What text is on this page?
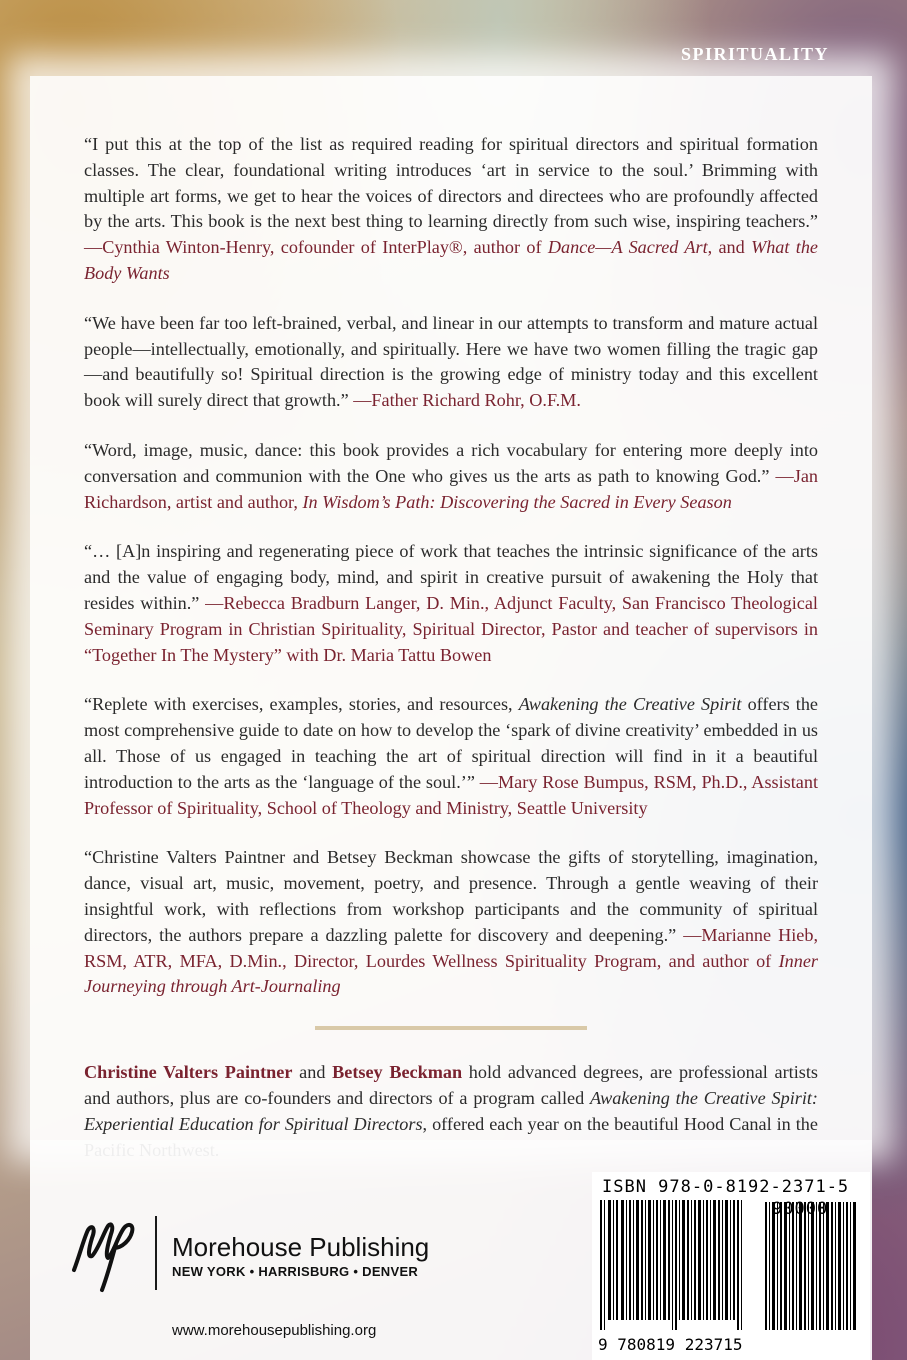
SPIRITUALITY

“I put this at the top of the list as required reading for spiritual directors and spiritual formation classes. The clear, foundational writing introduces ‘art in service to the soul.’ Brimming with multiple art forms, we get to hear the voices of directors and directees who are profoundly affected by the arts. This book is the next best thing to learning directly from such wise, inspiring teachers.” —Cynthia Winton-Henry, cofounder of InterPlay®, author of Dance—A Sacred Art, and What the Body Wants

“We have been far too left-brained, verbal, and linear in our attempts to transform and mature actual people—intellectually, emotionally, and spiritually. Here we have two women filling the tragic gap—and beautifully so! Spiritual direction is the growing edge of ministry today and this excellent book will surely direct that growth.” —Father Richard Rohr, O.F.M.

“Word, image, music, dance: this book provides a rich vocabulary for entering more deeply into conversation and communion with the One who gives us the arts as path to knowing God.” —Jan Richardson, artist and author, In Wisdom’s Path: Discovering the Sacred in Every Season

“… [A]n inspiring and regenerating piece of work that teaches the intrinsic significance of the arts and the value of engaging body, mind, and spirit in creative pursuit of awakening the Holy that resides within.” —Rebecca Bradburn Langer, D. Min., Adjunct Faculty, San Francisco Theological Seminary Program in Christian Spirituality, Spiritual Director, Pastor and teacher of supervisors in “Together In The Mystery” with Dr. Maria Tattu Bowen

“Replete with exercises, examples, stories, and resources, Awakening the Creative Spirit offers the most comprehensive guide to date on how to develop the ‘spark of divine creativity’ embedded in us all. Those of us engaged in teaching the art of spiritual direction will find in it a beautiful introduction to the arts as the ‘language of the soul.’” —Mary Rose Bumpus, RSM, Ph.D., Assistant Professor of Spirituality, School of Theology and Ministry, Seattle University

“Christine Valters Paintner and Betsey Beckman showcase the gifts of storytelling, imagination, dance, visual art, music, movement, poetry, and presence. Through a gentle weaving of their insightful work, with reflections from workshop participants and the community of spiritual directors, the authors prepare a dazzling palette for discovery and deepening.” —Marianne Hieb, RSM, ATR, MFA, D.Min., Director, Lourdes Wellness Spirituality Program, and author of Inner Journeying through Art-Journaling

Christine Valters Paintner and Betsey Beckman hold advanced degrees, are professional artists and authors, plus are co-founders and directors of a program called Awakening the Creative Spirit: Experiential Education for Spiritual Directors, offered each year on the beautiful Hood Canal in the

Morehouse Publishing
NEW YORK • HARRISBURG • DENVER
www.morehousepublishing.org
ISBN 978-0-8192-2371-5
9 780819 223715
